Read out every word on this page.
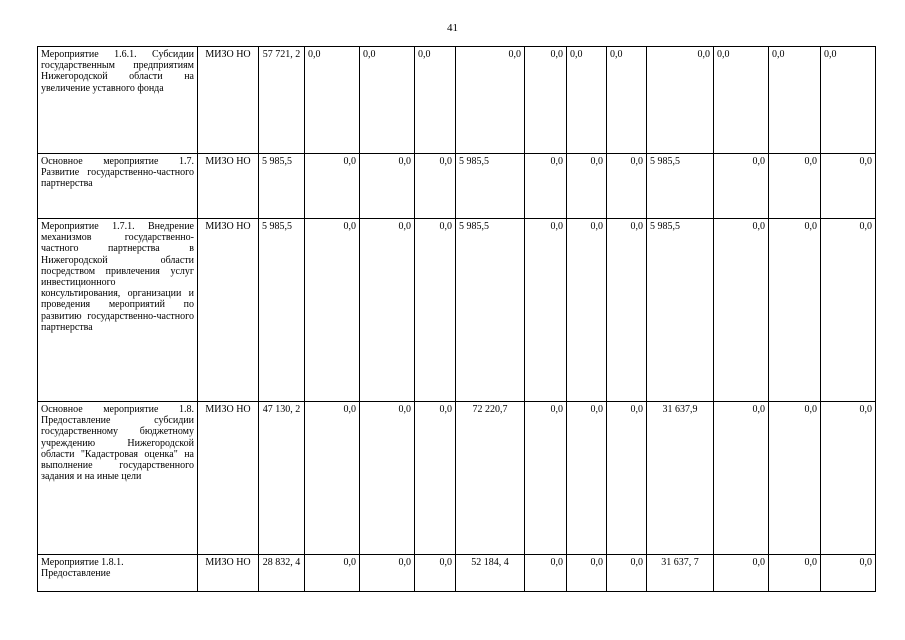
41
Мероприятие 1.6.1. Субсидии государственным предприятиям Нижегородской области на увеличение уставного фонда	МИЗО НО	57 721, 2	0,0	0,0	0,0	0,0	0,0	0,0	0,0	0,0	0,0	0,0	0,0
Основное мероприятие 1.7. Развитие государственно-частного партнерства	МИЗО НО	5 985,5	0,0	0,0	0,0	5 985,5	0,0	0,0	0,0	5 985,5	0,0	0,0	0,0
Мероприятие 1.7.1. Внедрение механизмов государственно-частного партнерства в Нижегородской области посредством привлечения услуг инвестиционного консультирования, организации и проведения мероприятий по развитию государственно-частного партнерства	МИЗО НО	5 985,5	0,0	0,0	0,0	5 985,5	0,0	0,0	0,0	5 985,5	0,0	0,0	0,0
Основное мероприятие 1.8. Предоставление субсидии государственному бюджетному учреждению Нижегородской области "Кадастровая оценка" на выполнение государственного задания и на иные цели	МИЗО НО	47 130, 2	0,0	0,0	0,0	72 220,7	0,0	0,0	0,0	31 637,9	0,0	0,0	0,0
Мероприятие 1.8.1. Предоставление	МИЗО НО	28 832, 4	0,0	0,0	0,0	52 184, 4	0,0	0,0	0,0	31 637, 7	0,0	0,0	0,0
